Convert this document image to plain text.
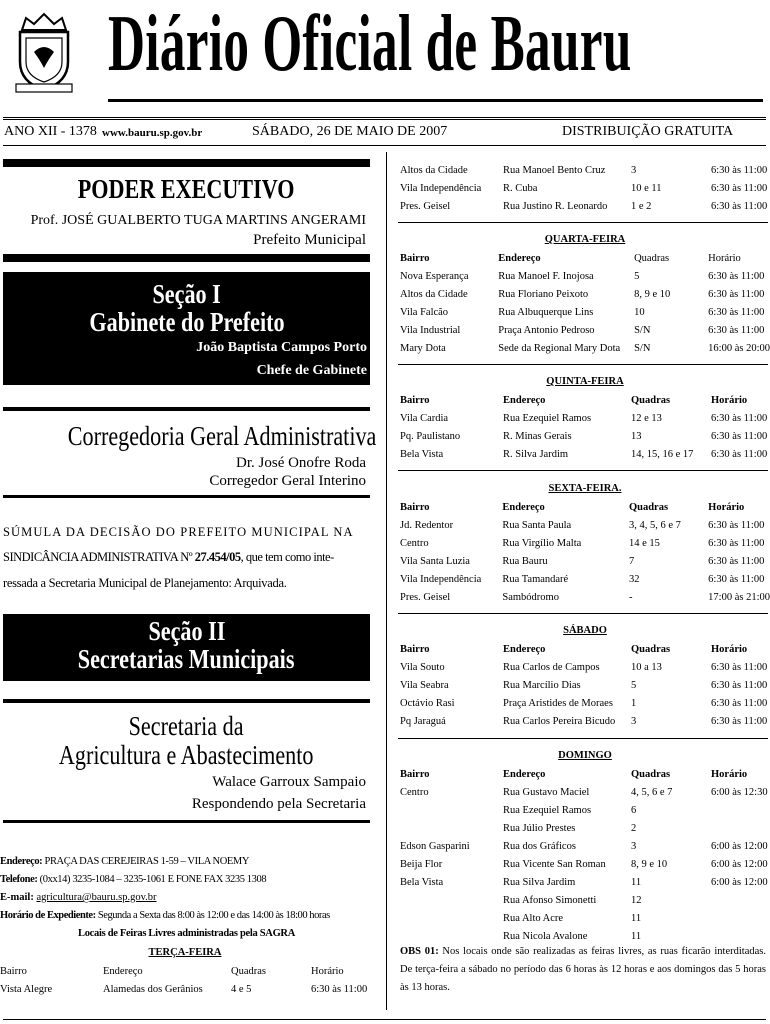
Diário Oficial de Bauru
ANO XII - 1378 www.bauru.sp.gov.br	SÁBADO, 26 DE MAIO DE 2007	DISTRIBUIÇÃO GRATUITA
PODER EXECUTIVO
Prof. JOSÉ GUALBERTO TUGA MARTINS ANGERAMI
Prefeito Municipal
Seção I
Gabinete do Prefeito
João Baptista Campos Porto
Chefe de Gabinete
Corregedoria Geral Administrativa
Dr. José Onofre Roda
Corregedor Geral Interino
SÚMULA DA DECISÃO DO PREFEITO MUNICIPAL NA
SINDICÂNCIA ADMINISTRATIVA Nº 27.454/05, que tem como inte-
ressada a Secretaria Municipal de Planejamento: Arquivada.
Seção II
Secretarias Municipais
Secretaria da
Agricultura e Abastecimento
Walace Garroux Sampaio
Respondendo pela Secretaria
Endereço: PRAÇA DAS CEREJEIRAS 1-59 – VILA NOEMY
Telefone: (0xx14) 3235-1084 – 3235-1061 E FONE FAX 3235 1308
E-mail: agricultura@bauru.sp.gov.br
Horário de Expediente: Segunda a Sexta das 8:00 às 12:00 e das 14:00 às 18:00 horas
Locais de Feiras Livres administradas pela SAGRA
TERÇA-FEIRA
Bairro	Endereço	Quadras	Horário
Vista Alegre	Alamedas dos Gerânios	4 e 5	6:30 às 11:00
Altos da Cidade	Rua Manoel Bento Cruz	3	6:30 às 11:00
Vila Independência	R. Cuba	10 e 11	6:30 às 11:00
Pres. Geisel	Rua Justino R. Leonardo	1 e 2	6:30 às 11:00
QUARTA-FEIRA
Bairro	Endereço	Quadras	Horário
Nova Esperança	Rua Manoel F. Inojosa	5	6:30 às 11:00
Altos da Cidade	Rua Floriano Peixoto	8, 9 e 10	6:30 às 11:00
Vila Falcão	Rua Albuquerque Lins	10	6:30 às 11:00
Vila Industrial	Praça Antonio Pedroso	S/N	6:30 às 11:00
Mary Dota	Sede da Regional Mary Dota	S/N	16:00 às 20:00
QUINTA-FEIRA
Bairro	Endereço	Quadras	Horário
Vila Cardia	Rua Ezequiel Ramos	12 e 13	6:30 às 11:00
Pq. Paulistano	R. Minas Gerais	13	6:30 às 11:00
Bela Vista	R. Silva Jardim	14, 15, 16 e 17	6:30 às 11:00
SEXTA-FEIRA.
Bairro	Endereço	Quadras	Horário
Jd. Redentor	Rua Santa Paula	3, 4, 5, 6 e 7	6:30 às 11:00
Centro	Rua Virgílio Malta	14 e 15	6:30 às 11:00
Vila Santa Luzia	Rua Bauru	7	6:30 às 11:00
Vila Independência	Rua Tamandaré	32	6:30 às 11:00
Pres. Geisel	Sambódromo	-	17:00 às 21:00
SÁBADO
Bairro	Endereço	Quadras	Horário
Vila Souto	Rua Carlos de Campos	10 a 13	6:30 às 11:00
Vila Seabra	Rua Marcílio Dias	5	6:30 às 11:00
Octávio Rasi	Praça Aristides de Moraes	1	6:30 às 11:00
Pq Jaraguá	Rua Carlos Pereira Bicudo	3	6:30 às 11:00
DOMINGO
Bairro	Endereço	Quadras	Horário
Centro	Rua Gustavo Maciel	4, 5, 6 e 7	6:00 às 12:30
	Rua Ezequiel Ramos	6	
	Rua Júlio Prestes	2	
Edson Gasparini	Rua dos Gráficos	3	6:00 às 12:00
Beija Flor	Rua Vicente San Roman	8, 9 e 10	6:00 às 12:00
Bela Vista	Rua Silva Jardim	11	6:00 às 12:00
	Rua Afonso Simonetti	12	
	Rua Alto Acre	11	
	Rua Nicola Avalone	11	
OBS 01: Nos locais onde são realizadas as feiras livres, as ruas ficarão interditadas. De terça-feira a sábado no período das 6 horas às 12 horas e aos domingos das 5 horas às 13 horas.
